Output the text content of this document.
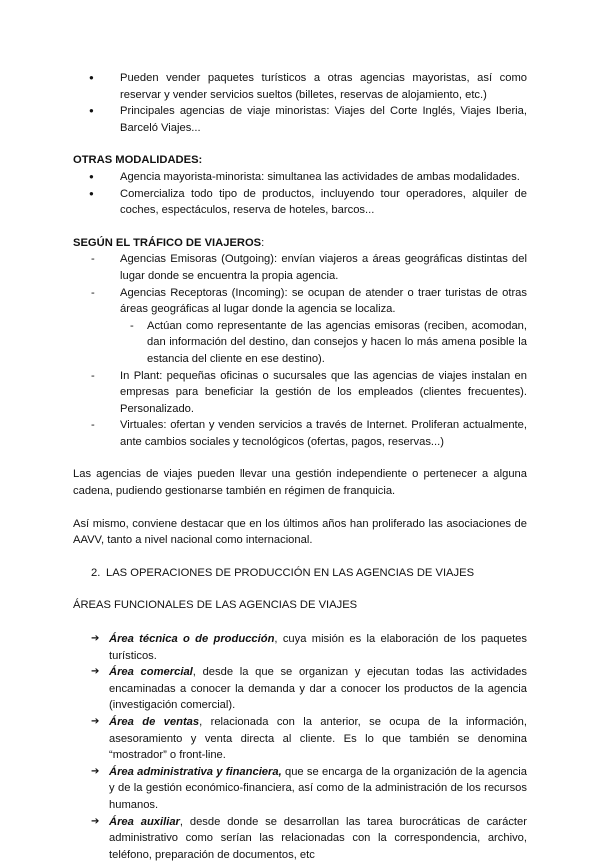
● Pueden vender paquetes turísticos a otras agencias mayoristas, así como reservar y vender servicios sueltos (billetes, reservas de alojamiento, etc.)
● Principales agencias de viaje minoristas: Viajes del Corte Inglés, Viajes Iberia, Barceló Viajes...
OTRAS MODALIDADES:
● Agencia mayorista-minorista: simultanea las actividades de ambas modalidades.
● Comercializa todo tipo de productos, incluyendo tour operadores, alquiler de coches, espectáculos, reserva de hoteles, barcos...
SEGÚN EL TRÁFICO DE VIAJEROS:
- Agencias Emisoras (Outgoing): envían viajeros a áreas geográficas distintas del lugar donde se encuentra la propia agencia.
- Agencias Receptoras (Incoming): se ocupan de atender o traer turistas de otras áreas geográficas al lugar donde la agencia se localiza.
- Actúan como representante de las agencias emisoras (reciben, acomodan, dan información del destino, dan consejos y hacen lo más amena posible la estancia del cliente en ese destino).
- In Plant: pequeñas oficinas o sucursales que las agencias de viajes instalan en empresas para beneficiar la gestión de los empleados (clientes frecuentes). Personalizado.
- Virtuales: ofertan y venden servicios a través de Internet. Proliferan actualmente, ante cambios sociales y tecnológicos (ofertas, pagos, reservas...)

Las agencias de viajes pueden llevar una gestión independiente o pertenecer a alguna cadena, pudiendo gestionarse también en régimen de franquicia.

Así mismo, conviene destacar que en los últimos años han proliferado las asociaciones de AAVV, tanto a nivel nacional como internacional.

2. LAS OPERACIONES DE PRODUCCIÓN EN LAS AGENCIAS DE VIAJES
ÁREAS FUNCIONALES DE LAS AGENCIAS DE VIAJES
➔ Área técnica o de producción, cuya misión es la elaboración de los paquetes turísticos.
➔ Área comercial, desde la que se organizan y ejecutan todas las actividades encaminadas a conocer la demanda y dar a conocer los productos de la agencia (investigación comercial).
➔ Área de ventas, relacionada con la anterior, se ocupa de la información, asesoramiento y venta directa al cliente. Es lo que también se denomina “mostrador” o front-line.
➔ Área administrativa y financiera, que se encarga de la organización de la agencia y de la gestión económico-financiera, así como de la administración de los recursos humanos.
➔ Área auxiliar, desde donde se desarrollan las tarea burocráticas de carácter administrativo como serían las relacionadas con la correspondencia, archivo, teléfono, preparación de documentos, etc
